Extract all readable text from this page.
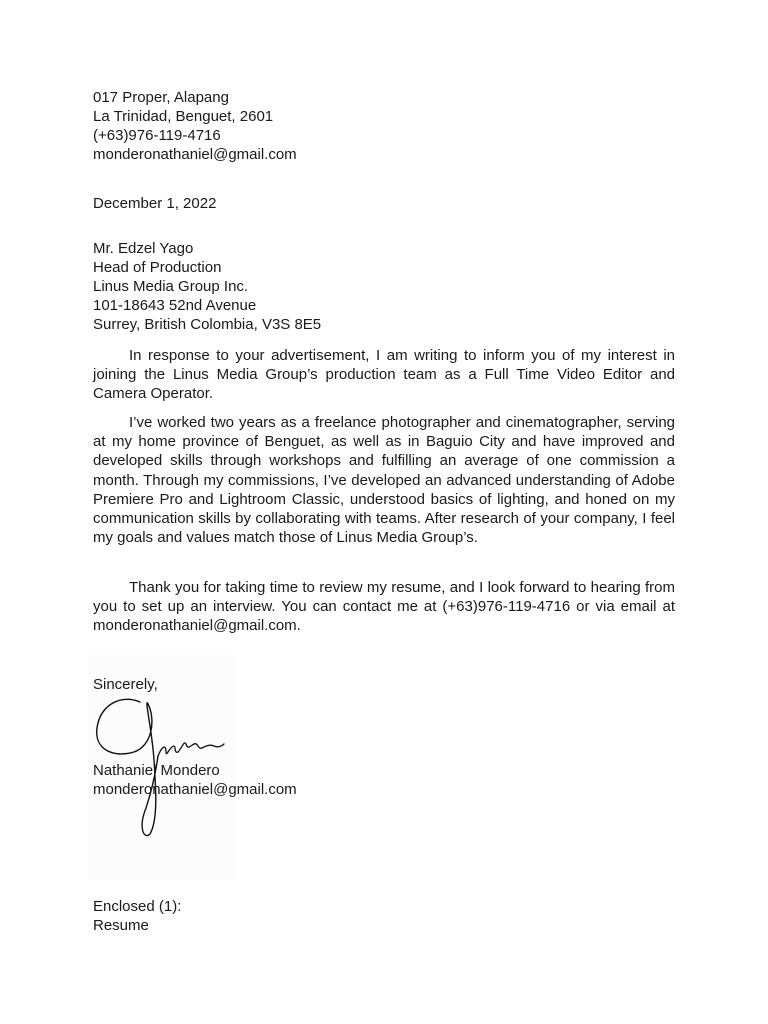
017 Proper, Alapang
La Trinidad, Benguet, 2601
(+63)976-119-4716
monderonathaniel@gmail.com
December 1, 2022
Mr. Edzel Yago
Head of Production
Linus Media Group Inc.
101-18643 52nd Avenue
Surrey, British Colombia, V3S 8E5
In response to your advertisement, I am writing to inform you of my interest in joining the Linus Media Group’s production team as a Full Time Video Editor and Camera Operator.
I’ve worked two years as a freelance photographer and cinematographer, serving at my home province of Benguet, as well as in Baguio City and have improved and developed skills through workshops and fulfilling an average of one commission a month. Through my commissions, I’ve developed an advanced understanding of Adobe Premiere Pro and Lightroom Classic, understood basics of lighting, and honed on my communication skills by collaborating with teams. After research of your company, I feel my goals and values match those of Linus Media Group’s.
Thank you for taking time to review my resume, and I look forward to hearing from you to set up an interview. You can contact me at (+63)976-119-4716 or via email at monderonathaniel@gmail.com.
Sincerely,
Nathaniel Mondero
monderonathaniel@gmail.com
Enclosed (1):
Resume
